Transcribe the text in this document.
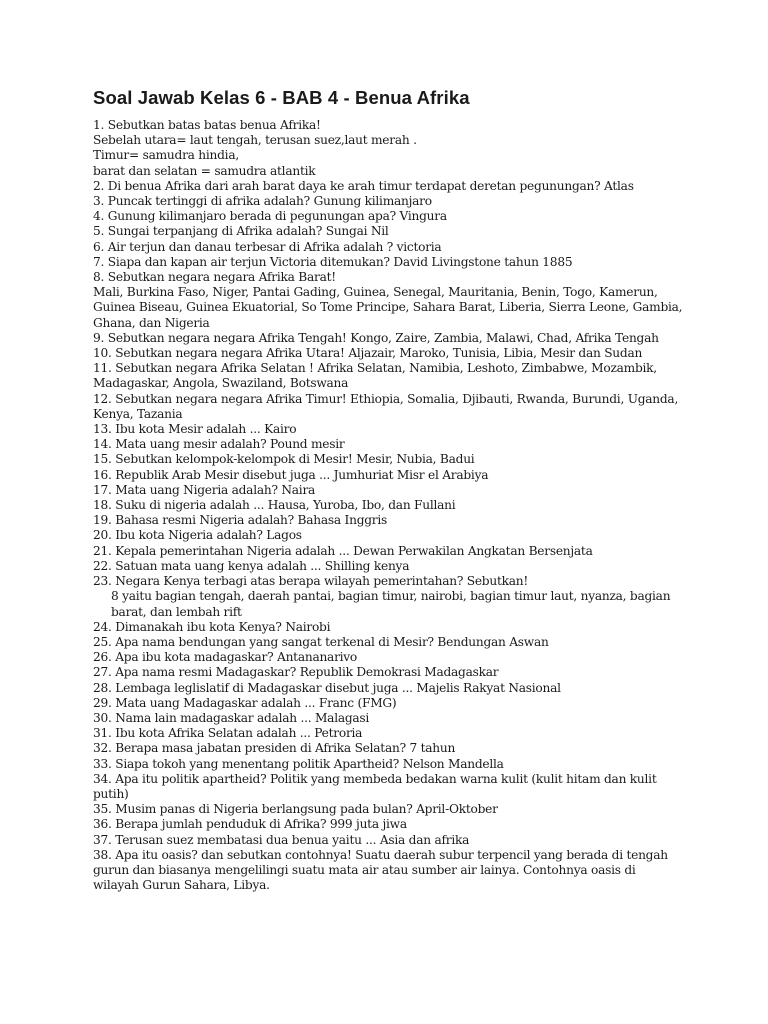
Soal Jawab Kelas 6 - BAB 4 - Benua Afrika
1. Sebutkan batas batas benua Afrika!
Sebelah utara= laut tengah, terusan suez,laut merah .
Timur= samudra hindia,
barat dan selatan = samudra atlantik
2. Di benua Afrika dari arah barat daya ke arah timur terdapat deretan pegunungan? Atlas
3. Puncak tertinggi di afrika adalah? Gunung kilimanjaro
4. Gunung kilimanjaro berada di pegunungan apa? Vingura
5. Sungai terpanjang di Afrika adalah? Sungai Nil
6. Air terjun dan danau terbesar di Afrika adalah ? victoria
7. Siapa dan kapan air terjun Victoria ditemukan? David Livingstone tahun 1885
8. Sebutkan negara negara Afrika Barat!
Mali, Burkina Faso, Niger, Pantai Gading, Guinea, Senegal, Mauritania, Benin, Togo, Kamerun, Guinea Biseau, Guinea Ekuatorial, So Tome Principe, Sahara Barat, Liberia, Sierra Leone, Gambia, Ghana, dan Nigeria
9. Sebutkan negara negara Afrika Tengah! Kongo, Zaire, Zambia, Malawi, Chad, Afrika Tengah
10. Sebutkan negara negara Afrika Utara! Aljazair, Maroko, Tunisia, Libia, Mesir dan Sudan
11. Sebutkan negara Afrika Selatan ! Afrika Selatan, Namibia, Leshoto, Zimbabwe, Mozambik, Madagaskar, Angola, Swaziland, Botswana
12. Sebutkan negara negara Afrika Timur! Ethiopia, Somalia, Djibauti, Rwanda, Burundi, Uganda, Kenya, Tazania
13. Ibu kota Mesir adalah ... Kairo
14. Mata uang mesir adalah? Pound mesir
15. Sebutkan kelompok-kelompok di Mesir! Mesir, Nubia, Badui
16. Republik Arab Mesir disebut juga ... Jumhuriat Misr el Arabiya
17. Mata uang Nigeria adalah? Naira
18. Suku di nigeria adalah ... Hausa, Yuroba, Ibo, dan Fullani
19. Bahasa resmi Nigeria adalah? Bahasa Inggris
20. Ibu kota Nigeria adalah? Lagos
21. Kepala pemerintahan Nigeria adalah ... Dewan Perwakilan Angkatan Bersenjata
22. Satuan mata uang kenya adalah ... Shilling kenya
23. Negara Kenya terbagi atas berapa wilayah pemerintahan? Sebutkan!
8 yaitu bagian tengah, daerah pantai, bagian timur, nairobi, bagian timur laut, nyanza, bagian barat, dan lembah rift
24. Dimanakah ibu kota Kenya? Nairobi
25. Apa nama bendungan yang sangat terkenal di Mesir? Bendungan Aswan
26. Apa ibu kota madagaskar? Antananarivo
27. Apa nama resmi Madagaskar? Republik Demokrasi Madagaskar
28. Lembaga leglislatif di Madagaskar disebut juga ... Majelis Rakyat Nasional
29. Mata uang Madagaskar adalah ... Franc (FMG)
30. Nama lain madagaskar adalah ... Malagasi
31. Ibu kota Afrika Selatan adalah ... Petroria
32. Berapa masa jabatan presiden di Afrika Selatan? 7 tahun
33. Siapa tokoh yang menentang politik Apartheid? Nelson Mandella
34. Apa itu politik apartheid? Politik yang membeda bedakan warna kulit (kulit hitam dan kulit putih)
35. Musim panas di Nigeria berlangsung pada bulan? April-Oktober
36. Berapa jumlah penduduk di Afrika? 999 juta jiwa
37. Terusan suez membatasi dua benua yaitu ... Asia dan afrika
38. Apa itu oasis? dan sebutkan contohnya! Suatu daerah subur terpencil yang berada di tengah gurun dan biasanya mengelilingi suatu mata air atau sumber air lainya. Contohnya oasis di wilayah Gurun Sahara, Libya.
